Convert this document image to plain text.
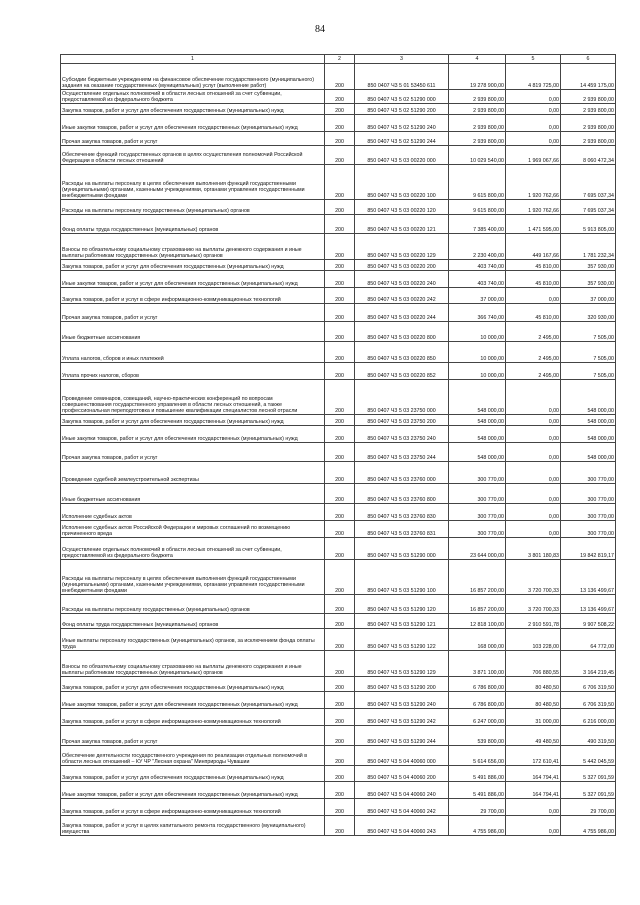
84
1	2	3	4	5	6
Субсидии бюджетным учреждениям на финансовое обеспечение государственного (муниципального) задания на оказание государственных (муниципальных) услуг (выполнение работ)	200	850 0407 Ч3 5 01 53450 611	19 278 900,00	4 819 725,00	14 459 175,00
Осуществление отдельных полномочий в области лесных отношений за счет субвенции, предоставляемой из федерального бюджета	200	850 0407 Ч3 5 02 51290 000	2 939 800,00	0,00	2 939 800,00
Закупка товаров, работ и услуг для обеспечения государственных (муниципальных) нужд	200	850 0407 Ч3 5 02 51290 200	2 939 800,00	0,00	2 939 800,00
Иные закупки товаров, работ и услуг для обеспечения государственных (муниципальных) нужд	200	850 0407 Ч3 5 02 51290 240	2 939 800,00	0,00	2 939 800,00
Прочая закупка товаров, работ и услуг	200	850 0407 Ч3 5 02 51290 244	2 939 800,00	0,00	2 939 800,00
Обеспечение функций государственных органов в целях осуществления полномочий Российской Федерации в области лесных отношений	200	850 0407 Ч3 5 03 00220 000	10 029 540,00	1 969 067,66	8 060 472,34
Расходы на выплаты персоналу в целях обеспечения выполнения функций государственными (муниципальными) органами, казенными учреждениями, органами управления государственными внебюджетными фондами	200	850 0407 Ч3 5 03 00220 100	9 615 800,00	1 920 762,66	7 695 037,34
Расходы на выплаты персоналу государственных (муниципальных) органов	200	850 0407 Ч3 5 03 00220 120	9 615 800,00	1 920 762,66	7 695 037,34
Фонд оплаты труда государственных (муниципальных) органов	200	850 0407 Ч3 5 03 00220 121	7 385 400,00	1 471 595,00	5 913 805,00
Взносы по обязательному социальному страхованию на выплаты денежного содержания и иные выплаты работникам государственных (муниципальных) органов	200	850 0407 Ч3 5 03 00220 129	2 230 400,00	449 167,66	1 781 232,34
Закупка товаров, работ и услуг для обеспечения государственных (муниципальных) нужд	200	850 0407 Ч3 5 03 00220 200	403 740,00	45 810,00	357 930,00
Иные закупки товаров, работ и услуг для обеспечения государственных (муниципальных) нужд	200	850 0407 Ч3 5 03 00220 240	403 740,00	45 810,00	357 930,00
Закупка товаров, работ и услуг в сфере информационно-коммуникационных технологий	200	850 0407 Ч3 5 03 00220 242	37 000,00	0,00	37 000,00
Прочая закупка товаров, работ и услуг	200	850 0407 Ч3 5 03 00220 244	366 740,00	45 810,00	320 930,00
Иные бюджетные ассигнования	200	850 0407 Ч3 5 03 00220 800	10 000,00	2 495,00	7 505,00
Уплата налогов, сборов и иных платежей	200	850 0407 Ч3 5 03 00220 850	10 000,00	2 495,00	7 505,00
Уплата прочих налогов, сборов	200	850 0407 Ч3 5 03 00220 852	10 000,00	2 495,00	7 505,00
Проведение семинаров, совещаний, научно-практических конференций по вопросам совершенствования государственного управления в области лесных отношений, а также профессиональная переподготовка и повышение квалификации специалистов лесной отрасли	200	850 0407 Ч3 5 03 23750 000	548 000,00	0,00	548 000,00
Закупка товаров, работ и услуг для обеспечения государственных (муниципальных) нужд	200	850 0407 Ч3 5 03 23750 200	548 000,00	0,00	548 000,00
Иные закупки товаров, работ и услуг для обеспечения государственных (муниципальных) нужд	200	850 0407 Ч3 5 03 23750 240	548 000,00	0,00	548 000,00
Прочая закупка товаров, работ и услуг	200	850 0407 Ч3 5 03 23750 244	548 000,00	0,00	548 000,00
Проведение судебной землеустроительной экспертизы	200	850 0407 Ч3 5 03 23760 000	300 770,00	0,00	300 770,00
Иные бюджетные ассигнования	200	850 0407 Ч3 5 03 23760 800	300 770,00	0,00	300 770,00
Исполнение судебных актов	200	850 0407 Ч3 5 03 23760 830	300 770,00	0,00	300 770,00
Исполнение судебных актов Российской Федерации и мировых соглашений по возмещению причиненного вреда	200	850 0407 Ч3 5 03 23760 831	300 770,00	0,00	300 770,00
Осуществление отдельных полномочий в области лесных отношений за счет субвенции, предоставляемой из федерального бюджета	200	850 0407 Ч3 5 03 51290 000	23 644 000,00	3 801 180,83	19 842 819,17
Расходы на выплаты персоналу в целях обеспечения выполнения функций государственными (муниципальными) органами, казенными учреждениями, органами управления государственными внебюджетными фондами	200	850 0407 Ч3 5 03 51290 100	16 857 200,00	3 720 700,33	13 136 499,67
Расходы на выплаты персоналу государственных (муниципальных) органов	200	850 0407 Ч3 5 03 51290 120	16 857 200,00	3 720 700,33	13 136 499,67
Фонд оплаты труда государственных (муниципальных) органов	200	850 0407 Ч3 5 03 51290 121	12 818 100,00	2 910 591,78	9 907 508,22
Иные выплаты персоналу государственных (муниципальных) органов, за исключением фонда оплаты труда	200	850 0407 Ч3 5 03 51290 122	168 000,00	103 228,00	64 772,00
Взносы по обязательному социальному страхованию на выплаты денежного содержания и иные выплаты работникам государственных (муниципальных) органов	200	850 0407 Ч3 5 03 51290 129	3 871 100,00	706 880,55	3 164 219,45
Закупка товаров, работ и услуг для обеспечения государственных (муниципальных) нужд	200	850 0407 Ч3 5 03 51290 200	6 786 800,00	80 480,50	6 706 319,50
Иные закупки товаров, работ и услуг для обеспечения государственных (муниципальных) нужд	200	850 0407 Ч3 5 03 51290 240	6 786 800,00	80 480,50	6 706 319,50
Закупка товаров, работ и услуг в сфере информационно-коммуникационных технологий	200	850 0407 Ч3 5 03 51290 242	6 247 000,00	31 000,00	6 216 000,00
Прочая закупка товаров, работ и услуг	200	850 0407 Ч3 5 03 51290 244	539 800,00	49 480,50	490 319,50
Обеспечение деятельности государственного учреждения по реализации отдельных полномочий в области лесных отношений – КУ ЧР "Лесная охрана" Минприроды Чувашии	200	850 0407 Ч3 5 04 40060 000	5 614 656,00	172 610,41	5 442 045,59
Закупка товаров, работ и услуг для обеспечения государственных (муниципальных) нужд	200	850 0407 Ч3 5 04 40060 200	5 491 886,00	164 794,41	5 327 091,59
Иные закупки товаров, работ и услуг для обеспечения государственных (муниципальных) нужд	200	850 0407 Ч3 5 04 40060 240	5 491 886,00	164 794,41	5 327 091,59
Закупка товаров, работ и услуг в сфере информационно-коммуникационных технологий	200	850 0407 Ч3 5 04 40060 242	29 700,00	0,00	29 700,00
Закупка товаров, работ и услуг в целях капитального ремонта государственного (муниципального) имущества	200	850 0407 Ч3 5 04 40060 243	4 755 986,00	0,00	4 755 986,00
